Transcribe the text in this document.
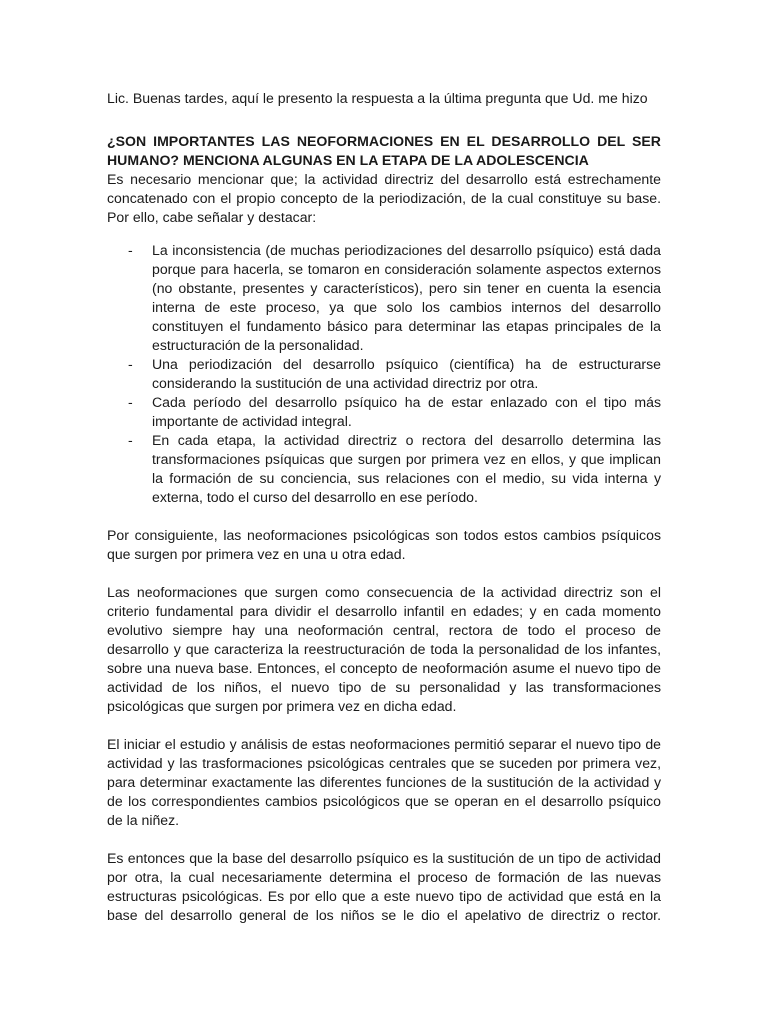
Lic. Buenas tardes, aquí le presento la respuesta a la última pregunta que Ud. me hizo

¿SON IMPORTANTES LAS NEOFORMACIONES EN EL DESARROLLO DEL SER HUMANO? MENCIONA ALGUNAS EN LA ETAPA DE LA ADOLESCENCIA

Es necesario mencionar que; la actividad directriz del desarrollo está estrechamente concatenado con el propio concepto de la periodización, de la cual constituye su base. Por ello, cabe señalar y destacar:

- La inconsistencia (de muchas periodizaciones del desarrollo psíquico) está dada porque para hacerla, se tomaron en consideración solamente aspectos externos (no obstante, presentes y característicos), pero sin tener en cuenta la esencia interna de este proceso, ya que solo los cambios internos del desarrollo constituyen el fundamento básico para determinar las etapas principales de la estructuración de la personalidad.
- Una periodización del desarrollo psíquico (científica) ha de estructurarse considerando la sustitución de una actividad directriz por otra.
- Cada período del desarrollo psíquico ha de estar enlazado con el tipo más importante de actividad integral.
- En cada etapa, la actividad directriz o rectora del desarrollo determina las transformaciones psíquicas que surgen por primera vez en ellos, y que implican la formación de su conciencia, sus relaciones con el medio, su vida interna y externa, todo el curso del desarrollo en ese período.

Por consiguiente, las neoformaciones psicológicas son todos estos cambios psíquicos que surgen por primera vez en una u otra edad.

Las neoformaciones que surgen como consecuencia de la actividad directriz son el criterio fundamental para dividir el desarrollo infantil en edades; y en cada momento evolutivo siempre hay una neoformación central, rectora de todo el proceso de desarrollo y que caracteriza la reestructuración de toda la personalidad de los infantes, sobre una nueva base. Entonces, el concepto de neoformación asume el nuevo tipo de actividad de los niños, el nuevo tipo de su personalidad y las transformaciones psicológicas que surgen por primera vez en dicha edad.

El iniciar el estudio y análisis de estas neoformaciones permitió separar el nuevo tipo de actividad y las trasformaciones psicológicas centrales que se suceden por primera vez, para determinar exactamente las diferentes funciones de la sustitución de la actividad y de los correspondientes cambios psicológicos que se operan en el desarrollo psíquico de la niñez.

Es entonces que la base del desarrollo psíquico es la sustitución de un tipo de actividad por otra, la cual necesariamente determina el proceso de formación de las nuevas estructuras psicológicas. Es por ello que a este nuevo tipo de actividad que está en la base del desarrollo general de los niños se le dio el apelativo de directriz o rector.
